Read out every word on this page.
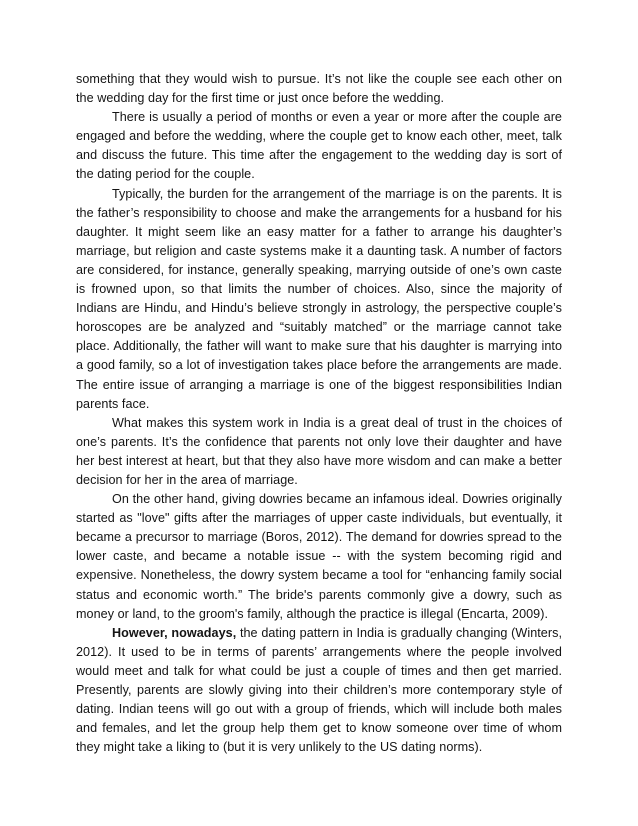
something that they would wish to pursue. It’s not like the couple see each other on the wedding day for the first time or just once before the wedding.

There is usually a period of months or even a year or more after the couple are engaged and before the wedding, where the couple get to know each other, meet, talk and discuss the future. This time after the engagement to the wedding day is sort of the dating period for the couple.

Typically, the burden for the arrangement of the marriage is on the parents. It is the father’s responsibility to choose and make the arrangements for a husband for his daughter. It might seem like an easy matter for a father to arrange his daughter’s marriage, but religion and caste systems make it a daunting task. A number of factors are considered, for instance, generally speaking, marrying outside of one’s own caste is frowned upon, so that limits the number of choices. Also, since the majority of Indians are Hindu, and Hindu’s believe strongly in astrology, the perspective couple’s horoscopes are be analyzed and “suitably matched” or the marriage cannot take place. Additionally, the father will want to make sure that his daughter is marrying into a good family, so a lot of investigation takes place before the arrangements are made. The entire issue of arranging a marriage is one of the biggest responsibilities Indian parents face.

What makes this system work in India is a great deal of trust in the choices of one’s parents. It’s the confidence that parents not only love their daughter and have her best interest at heart, but that they also have more wisdom and can make a better decision for her in the area of marriage.

On the other hand, giving dowries became an infamous ideal. Dowries originally started as "love" gifts after the marriages of upper caste individuals, but eventually, it became a precursor to marriage (Boros, 2012). The demand for dowries spread to the lower caste, and became a notable issue -- with the system becoming rigid and expensive. Nonetheless, the dowry system became a tool for “enhancing family social status and economic worth.” The bride's parents commonly give a dowry, such as money or land, to the groom's family, although the practice is illegal (Encarta, 2009).

However, nowadays, the dating pattern in India is gradually changing (Winters, 2012). It used to be in terms of parents’ arrangements where the people involved would meet and talk for what could be just a couple of times and then get married. Presently, parents are slowly giving into their children’s more contemporary style of dating. Indian teens will go out with a group of friends, which will include both males and females, and let the group help them get to know someone over time of whom they might take a liking to (but it is very unlikely to the US dating norms).
